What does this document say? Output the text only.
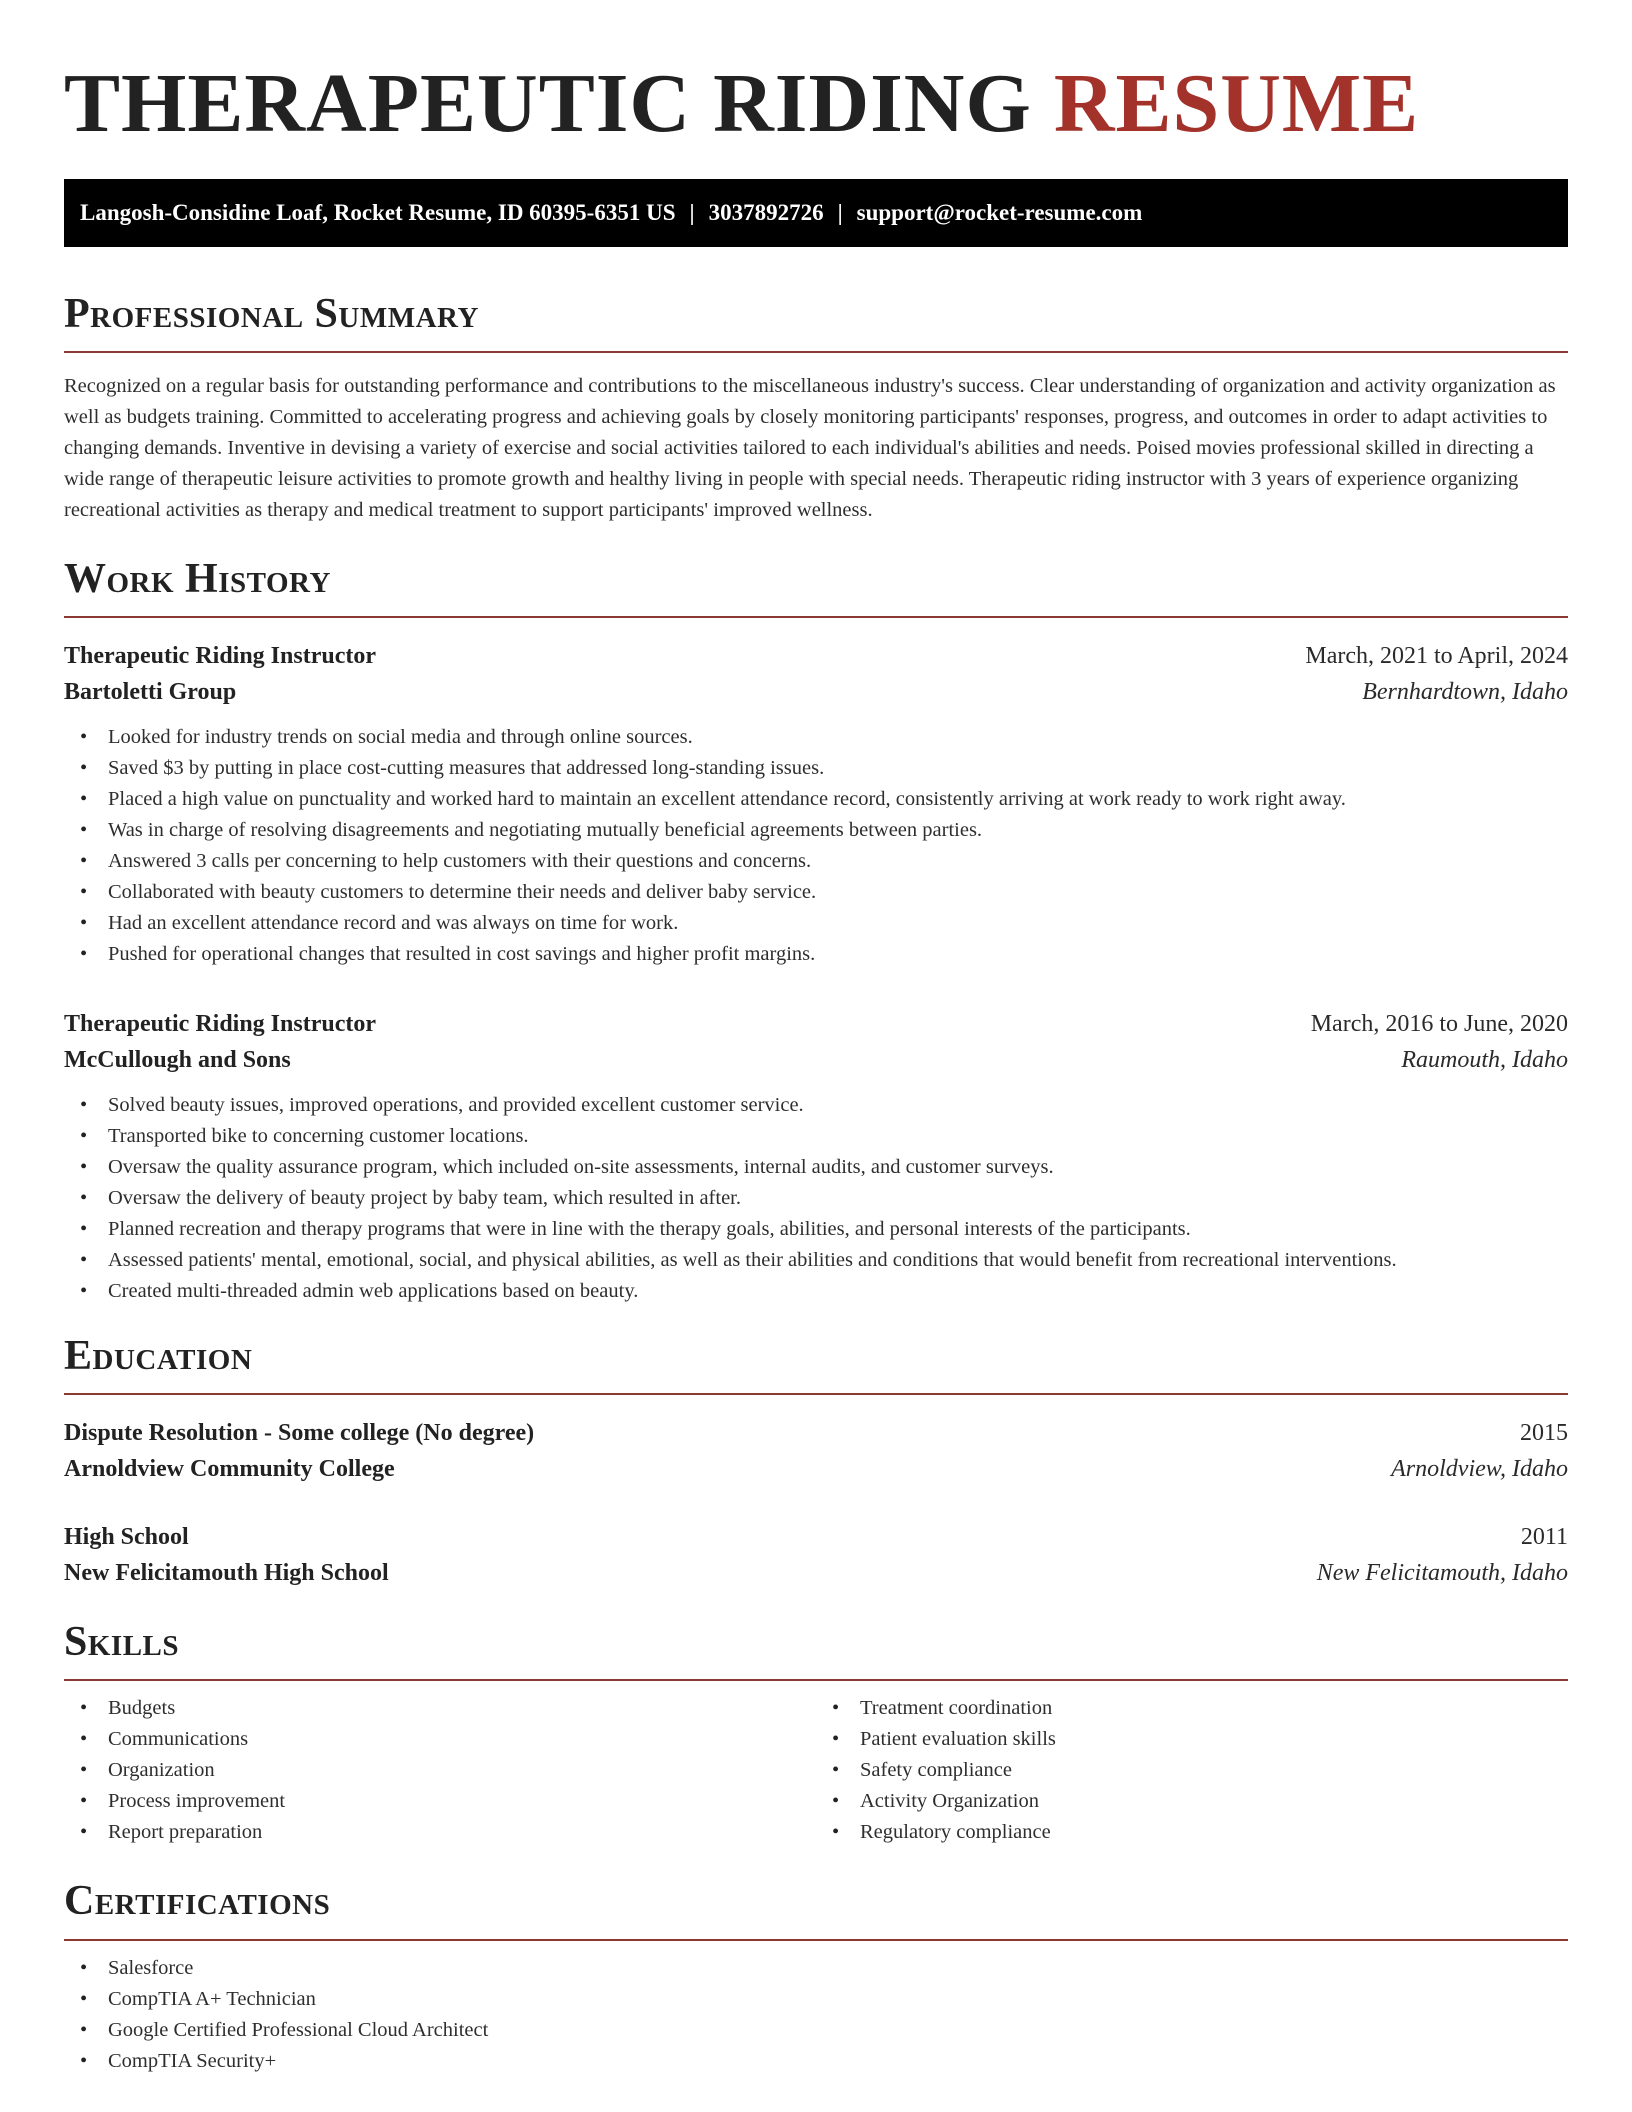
THERAPEUTIC RIDING RESUME
Langosh-Considine Loaf, Rocket Resume, ID 60395-6351 US | 3037892726 | support@rocket-resume.com
Professional Summary

Recognized on a regular basis for outstanding performance and contributions to the miscellaneous industry's success. Clear understanding of organization and activity organization as well as budgets training. Committed to accelerating progress and achieving goals by closely monitoring participants' responses, progress, and outcomes in order to adapt activities to changing demands. Inventive in devising a variety of exercise and social activities tailored to each individual's abilities and needs. Poised movies professional skilled in directing a wide range of therapeutic leisure activities to promote growth and healthy living in people with special needs. Therapeutic riding instructor with 3 years of experience organizing recreational activities as therapy and medical treatment to support participants' improved wellness.

Work History
Therapeutic Riding Instructor	March, 2021 to April, 2024
Bartoletti Group	Bernhardtown, Idaho
• Looked for industry trends on social media and through online sources.
• Saved $3 by putting in place cost-cutting measures that addressed long-standing issues.
• Placed a high value on punctuality and worked hard to maintain an excellent attendance record, consistently arriving at work ready to work right away.
• Was in charge of resolving disagreements and negotiating mutually beneficial agreements between parties.
• Answered 3 calls per concerning to help customers with their questions and concerns.
• Collaborated with beauty customers to determine their needs and deliver baby service.
• Had an excellent attendance record and was always on time for work.
• Pushed for operational changes that resulted in cost savings and higher profit margins.
Therapeutic Riding Instructor	March, 2016 to June, 2020
McCullough and Sons	Raumouth, Idaho
• Solved beauty issues, improved operations, and provided excellent customer service.
• Transported bike to concerning customer locations.
• Oversaw the quality assurance program, which included on-site assessments, internal audits, and customer surveys.
• Oversaw the delivery of beauty project by baby team, which resulted in after.
• Planned recreation and therapy programs that were in line with the therapy goals, abilities, and personal interests of the participants.
• Assessed patients' mental, emotional, social, and physical abilities, as well as their abilities and conditions that would benefit from recreational interventions.
• Created multi-threaded admin web applications based on beauty.
Education
Dispute Resolution - Some college (No degree)	2015
Arnoldview Community College	Arnoldview, Idaho
High School	2011
New Felicitamouth High School	New Felicitamouth, Idaho
Skills
• Budgets
• Communications
• Organization
• Process improvement
• Report preparation
• Treatment coordination
• Patient evaluation skills
• Safety compliance
• Activity Organization
• Regulatory compliance
Certifications
• Salesforce
• CompTIA A+ Technician
• Google Certified Professional Cloud Architect
• CompTIA Security+
